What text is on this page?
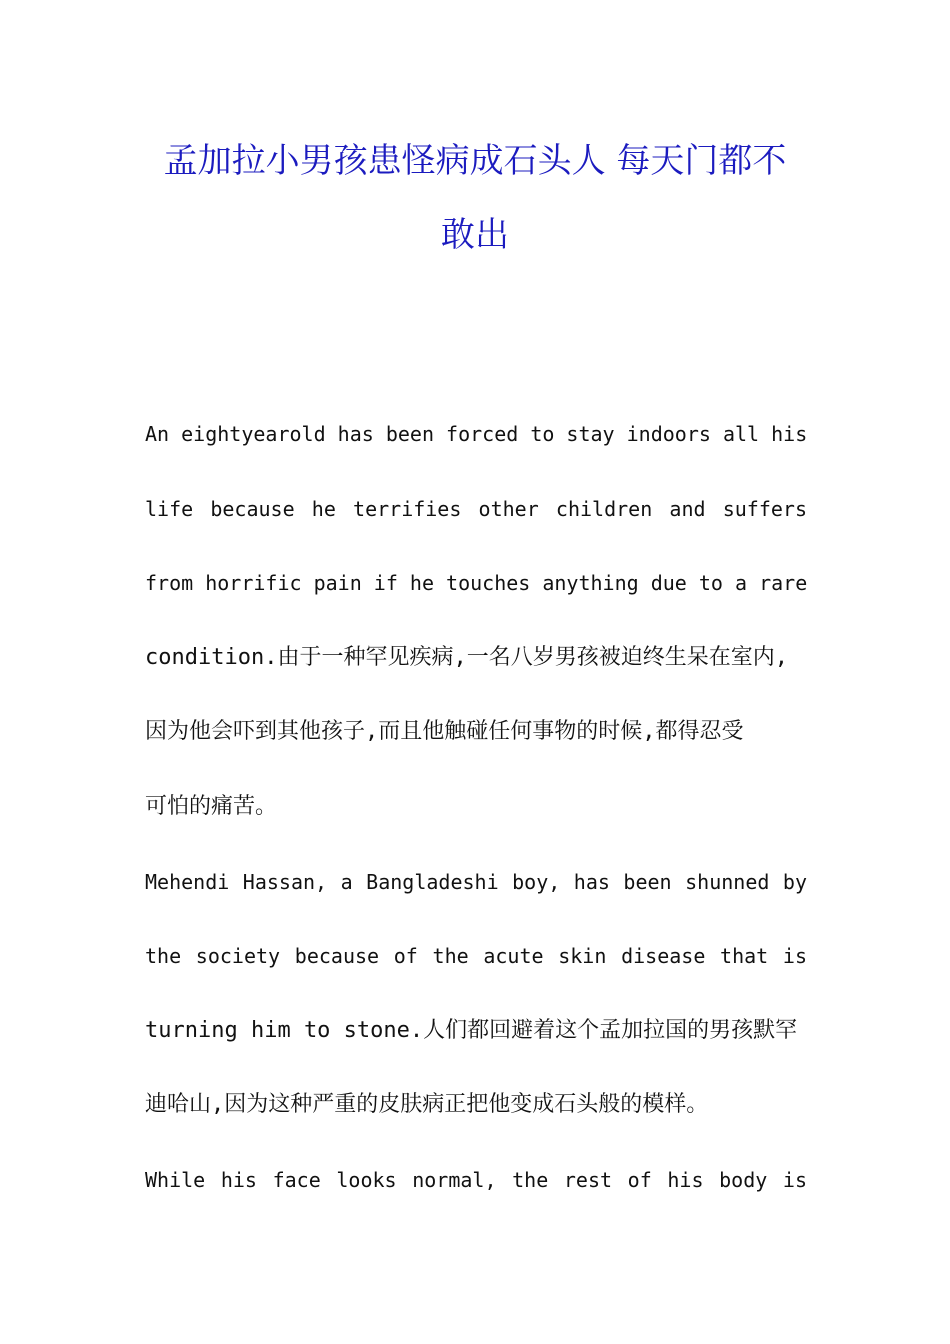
孟加拉小男孩患怪病成石头人 每天门都不
敢出
An eightyearold has been forced to stay indoors all his
life because he terrifies other children and suffers
from horrific pain if he touches anything due to a rare
condition.由于一种罕见疾病,一名八岁男孩被迫终生呆在室内,
因为他会吓到其他孩子,而且他触碰任何事物的时候,都得忍受
可怕的痛苦。
Mehendi Hassan, a Bangladeshi boy, has been shunned by
the society because of the acute skin disease that is
turning him to stone.人们都回避着这个孟加拉国的男孩默罕
迪哈山,因为这种严重的皮肤病正把他变成石头般的模样。
While his face looks normal, the rest of his body is
